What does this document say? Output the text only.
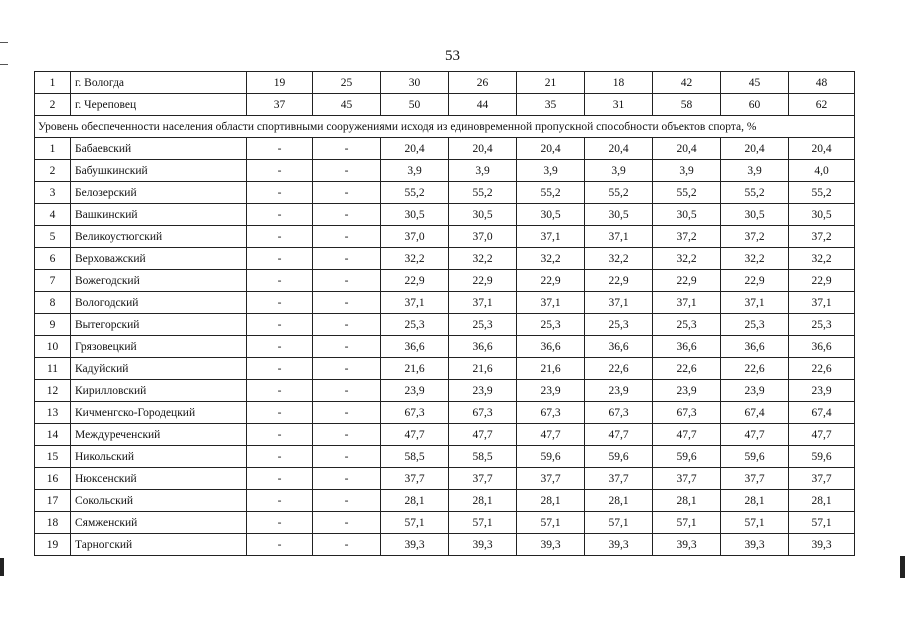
53
1	г. Вологда	19	25	30	26	21	18	42	45	48
2	г. Череповец	37	45	50	44	35	31	58	60	62
Уровень обеспеченности населения области спортивными сооружениями исходя из единовременной пропускной способности объектов спорта, %										
1	Бабаевский	-	-	20,4	20,4	20,4	20,4	20,4	20,4	20,4
2	Бабушкинский	-	-	3,9	3,9	3,9	3,9	3,9	3,9	4,0
3	Белозерский	-	-	55,2	55,2	55,2	55,2	55,2	55,2	55,2
4	Вашкинский	-	-	30,5	30,5	30,5	30,5	30,5	30,5	30,5
5	Великоустюгский	-	-	37,0	37,0	37,1	37,1	37,2	37,2	37,2
6	Верховажский	-	-	32,2	32,2	32,2	32,2	32,2	32,2	32,2
7	Вожегодский	-	-	22,9	22,9	22,9	22,9	22,9	22,9	22,9
8	Вологодский	-	-	37,1	37,1	37,1	37,1	37,1	37,1	37,1
9	Вытегорский	-	-	25,3	25,3	25,3	25,3	25,3	25,3	25,3
10	Грязовецкий	-	-	36,6	36,6	36,6	36,6	36,6	36,6	36,6
11	Кадуйский	-	-	21,6	21,6	21,6	22,6	22,6	22,6	22,6
12	Кирилловский	-	-	23,9	23,9	23,9	23,9	23,9	23,9	23,9
13	Кичменгско-Городецкий	-	-	67,3	67,3	67,3	67,3	67,3	67,4	67,4
14	Междуреченский	-	-	47,7	47,7	47,7	47,7	47,7	47,7	47,7
15	Никольский	-	-	58,5	58,5	59,6	59,6	59,6	59,6	59,6
16	Нюксенский	-	-	37,7	37,7	37,7	37,7	37,7	37,7	37,7
17	Сокольский	-	-	28,1	28,1	28,1	28,1	28,1	28,1	28,1
18	Сямженский	-	-	57,1	57,1	57,1	57,1	57,1	57,1	57,1
19	Тарногский	-	-	39,3	39,3	39,3	39,3	39,3	39,3	39,3
